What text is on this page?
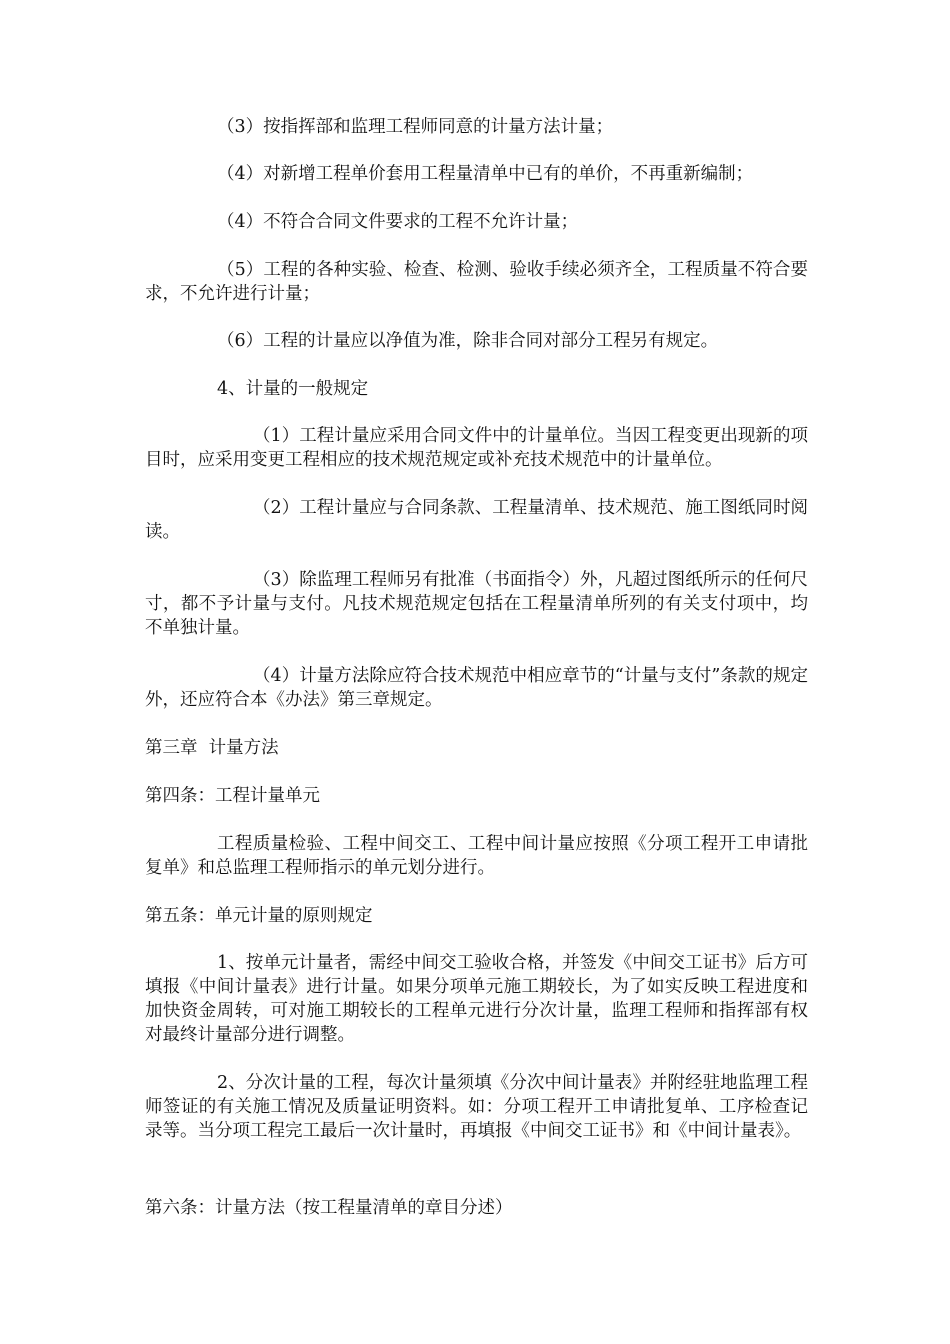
（3）按指挥部和监理工程师同意的计量方法计量；

（4）对新增工程单价套用工程量清单中已有的单价，不再重新编制；

（4）不符合合同文件要求的工程不允许计量；

（5）工程的各种实验、检查、检测、验收手续必须齐全，工程质量不符合要求，不允许进行计量；

（6）工程的计量应以净值为准，除非合同对部分工程另有规定。

4、计量的一般规定

（1）工程计量应采用合同文件中的计量单位。当因工程变更出现新的项目时，应采用变更工程相应的技术规范规定或补充技术规范中的计量单位。

（2）工程计量应与合同条款、工程量清单、技术规范、施工图纸同时阅读。

（3）除监理工程师另有批准（书面指令）外，凡超过图纸所示的任何尺寸，都不予计量与支付。凡技术规范规定包括在工程量清单所列的有关支付项中，均不单独计量。

（4）计量方法除应符合技术规范中相应章节的“计量与支付”条款的规定外，还应符合本《办法》第三章规定。

第三章  计量方法

第四条：工程计量单元

工程质量检验、工程中间交工、工程中间计量应按照《分项工程开工申请批复单》和总监理工程师指示的单元划分进行。

第五条：单元计量的原则规定

1、按单元计量者，需经中间交工验收合格，并签发《中间交工证书》后方可填报《中间计量表》进行计量。如果分项单元施工期较长，为了如实反映工程进度和加快资金周转，可对施工期较长的工程单元进行分次计量，监理工程师和指挥部有权对最终计量部分进行调整。

2、分次计量的工程，每次计量须填《分次中间计量表》并附经驻地监理工程师签证的有关施工情况及质量证明资料。如：分项工程开工申请批复单、工序检查记录等。当分项工程完工最后一次计量时，再填报《中间交工证书》和《中间计量表》。

第六条：计量方法（按工程量清单的章目分述）
